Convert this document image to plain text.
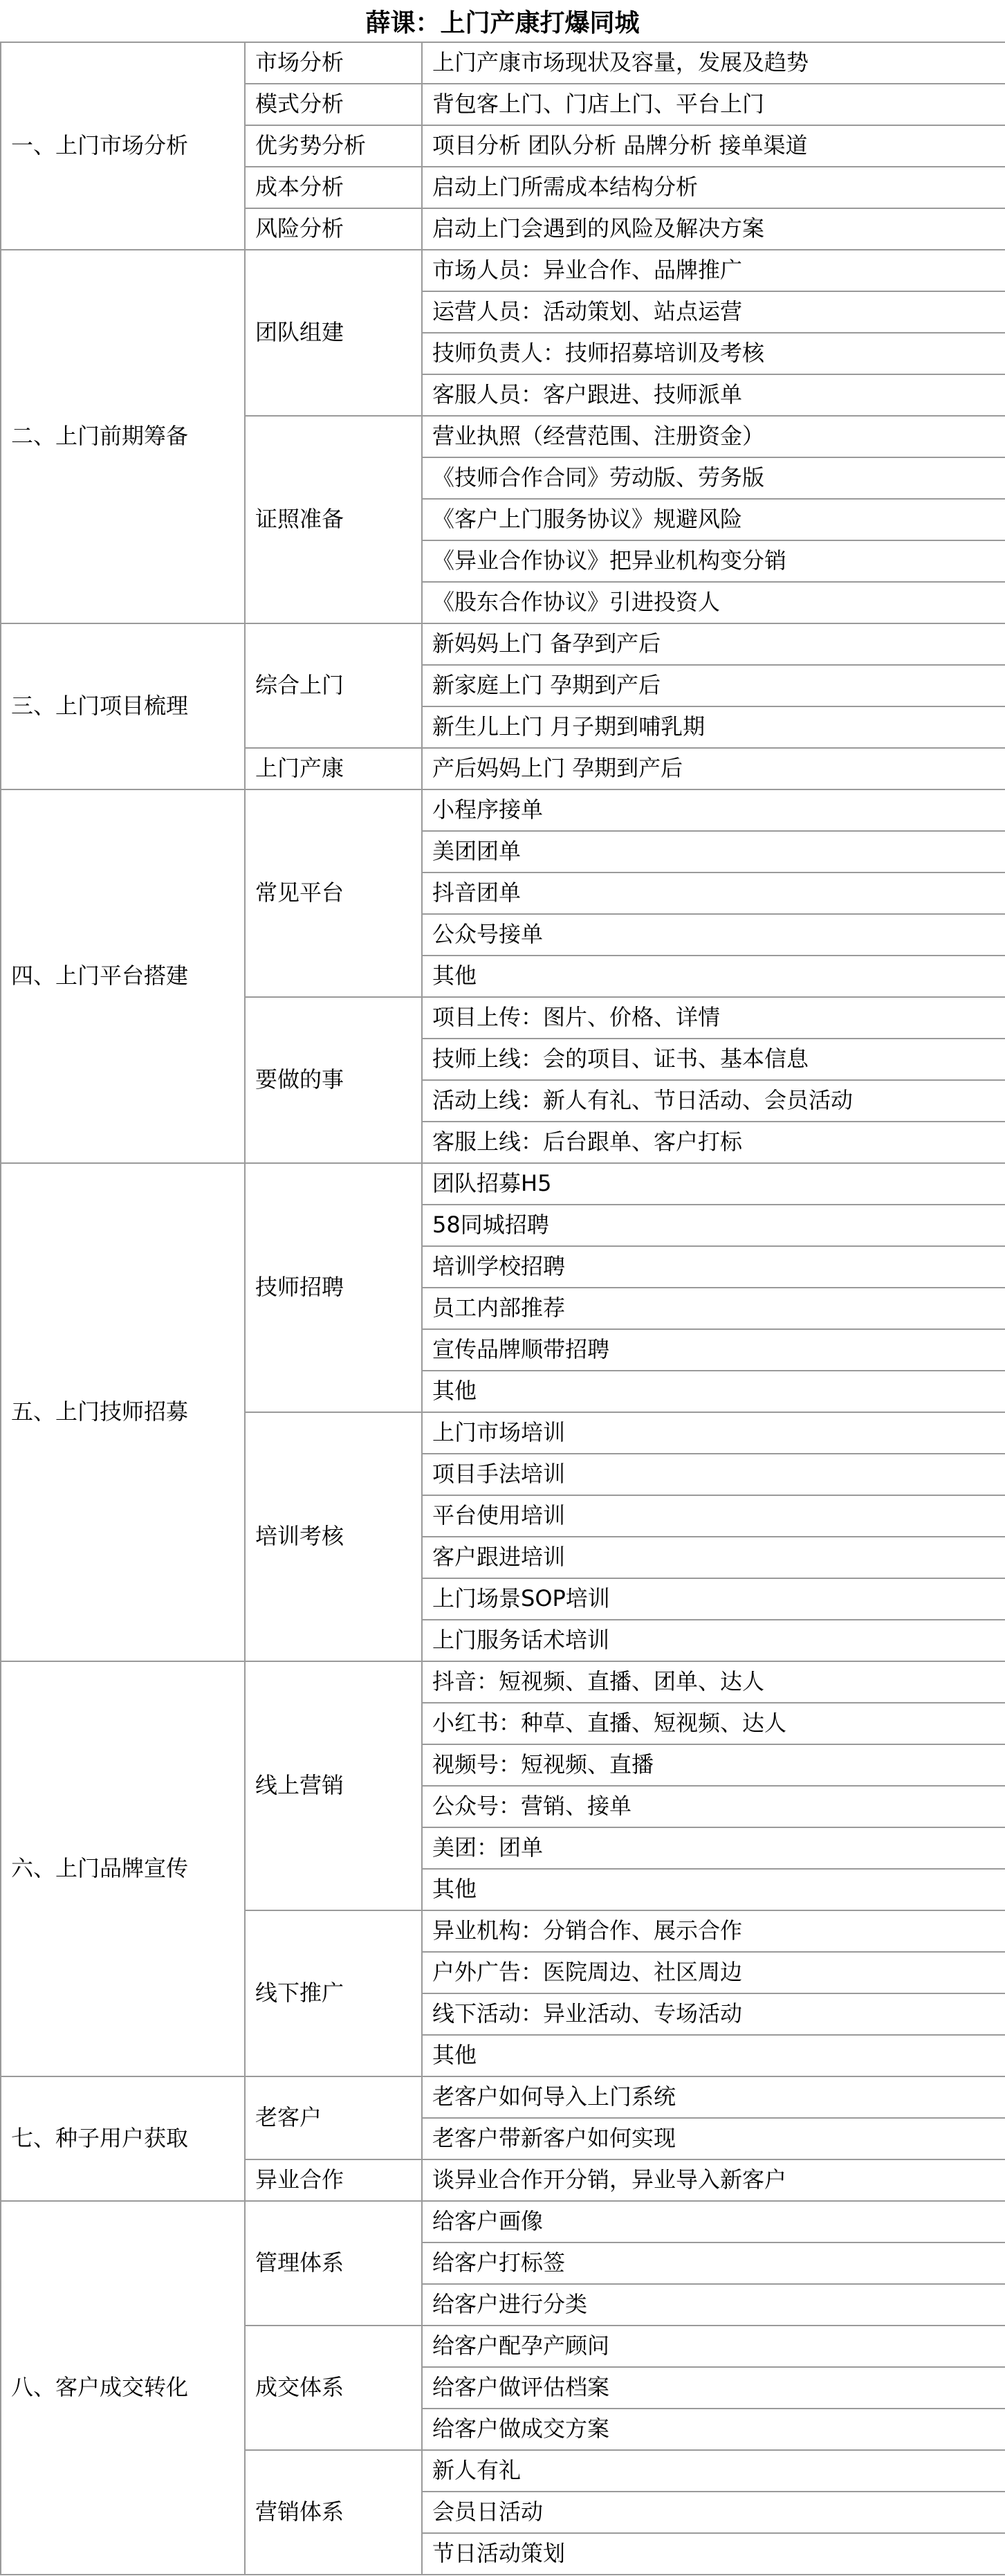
薛课：上门产康打爆同城
一、上门市场分析	市场分析	上门产康市场现状及容量，发展及趋势
	模式分析	背包客上门、门店上门、平台上门
	优劣势分析	项目分析 团队分析 品牌分析 接单渠道
	成本分析	启动上门所需成本结构分析
	风险分析	启动上门会遇到的风险及解决方案
二、上门前期筹备	团队组建	市场人员：异业合作、品牌推广
		运营人员：活动策划、站点运营
		技师负责人：技师招募培训及考核
		客服人员：客户跟进、技师派单
	证照准备	营业执照（经营范围、注册资金）
		《技师合作合同》劳动版、劳务版
		《客户上门服务协议》规避风险
		《异业合作协议》把异业机构变分销
		《股东合作协议》引进投资人
三、上门项目梳理	综合上门	新妈妈上门 备孕到产后
		新家庭上门 孕期到产后
		新生儿上门 月子期到哺乳期
	上门产康	产后妈妈上门 孕期到产后
四、上门平台搭建	常见平台	小程序接单
		美团团单
		抖音团单
		公众号接单
		其他
	要做的事	项目上传：图片、价格、详情
		技师上线：会的项目、证书、基本信息
		活动上线：新人有礼、节日活动、会员活动
		客服上线：后台跟单、客户打标
五、上门技师招募	技师招聘	团队招募H5
		58同城招聘
		培训学校招聘
		员工内部推荐
		宣传品牌顺带招聘
		其他
	培训考核	上门市场培训
		项目手法培训
		平台使用培训
		客户跟进培训
		上门场景SOP培训
		上门服务话术培训
六、上门品牌宣传	线上营销	抖音：短视频、直播、团单、达人
		小红书：种草、直播、短视频、达人
		视频号：短视频、直播
		公众号：营销、接单
		美团：团单
		其他
	线下推广	异业机构：分销合作、展示合作
		户外广告：医院周边、社区周边
		线下活动：异业活动、专场活动
		其他
七、种子用户获取	老客户	老客户如何导入上门系统
		老客户带新客户如何实现
	异业合作	谈异业合作开分销，异业导入新客户
八、客户成交转化	管理体系	给客户画像
		给客户打标签
		给客户进行分类
	成交体系	给客户配孕产顾问
		给客户做评估档案
		给客户做成交方案
	营销体系	新人有礼
		会员日活动
		节日活动策划
